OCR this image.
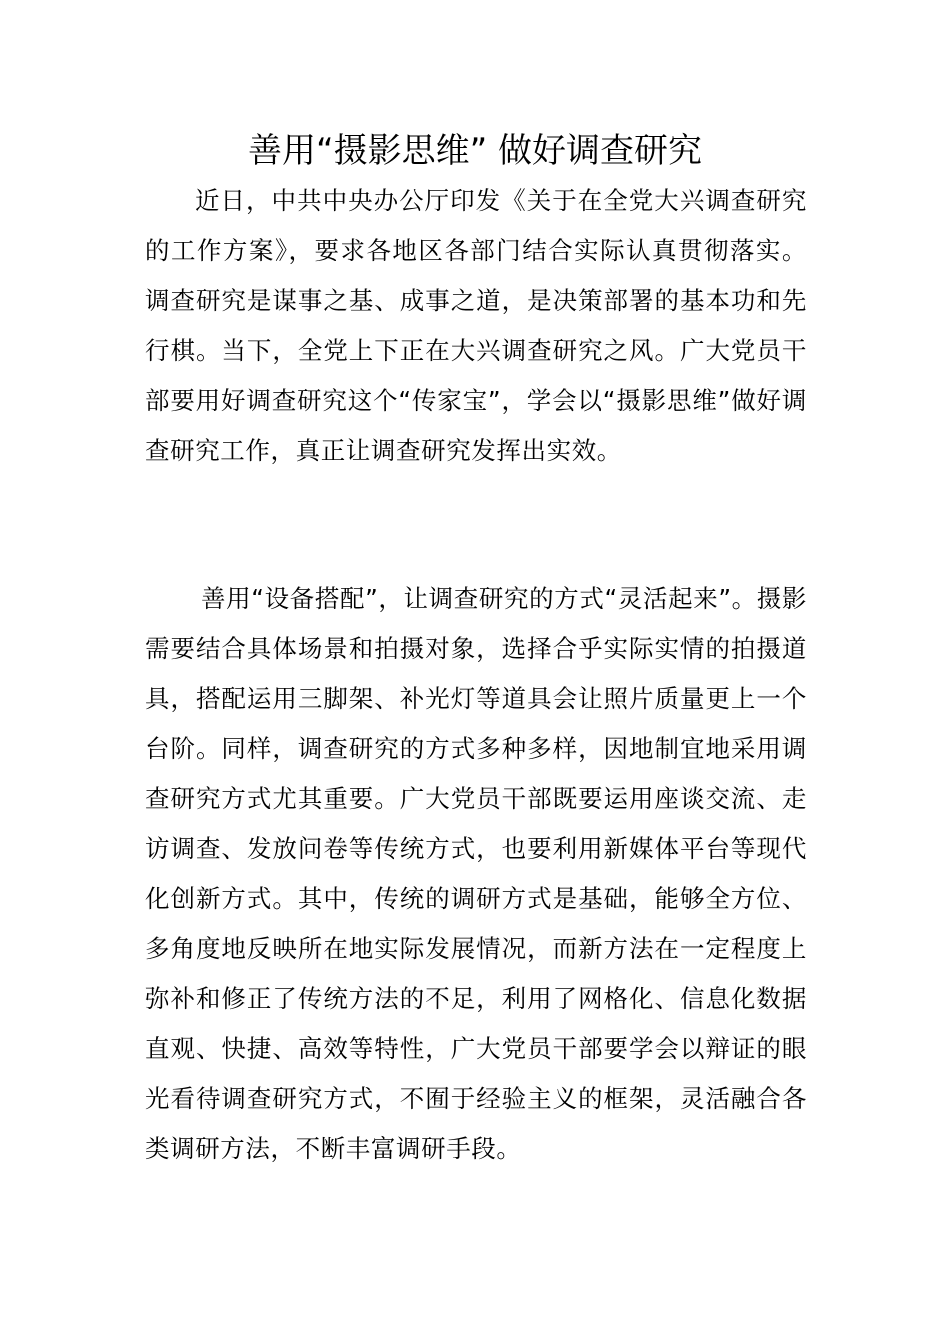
善用“摄影思维” 做好调查研究

近日，中共中央办公厅印发《关于在全党大兴调查研究的工作方案》，要求各地区各部门结合实际认真贯彻落实。调查研究是谋事之基、成事之道，是决策部署的基本功和先行棋。当下，全党上下正在大兴调查研究之风。广大党员干部要用好调查研究这个“传家宝”，学会以“摄影思维”做好调查研究工作，真正让调查研究发挥出实效。

善用“设备搭配”，让调查研究的方式“灵活起来”。摄影需要结合具体场景和拍摄对象，选择合乎实际实情的拍摄道具，搭配运用三脚架、补光灯等道具会让照片质量更上一个台阶。同样，调查研究的方式多种多样，因地制宜地采用调查研究方式尤其重要。广大党员干部既要运用座谈交流、走访调查、发放问卷等传统方式，也要利用新媒体平台等现代化创新方式。其中，传统的调研方式是基础，能够全方位、多角度地反映所在地实际发展情况，而新方法在一定程度上弥补和修正了传统方法的不足，利用了网格化、信息化数据直观、快捷、高效等特性，广大党员干部要学会以辩证的眼光看待调查研究方式，不囿于经验主义的框架，灵活融合各类调研方法，不断丰富调研手段。
